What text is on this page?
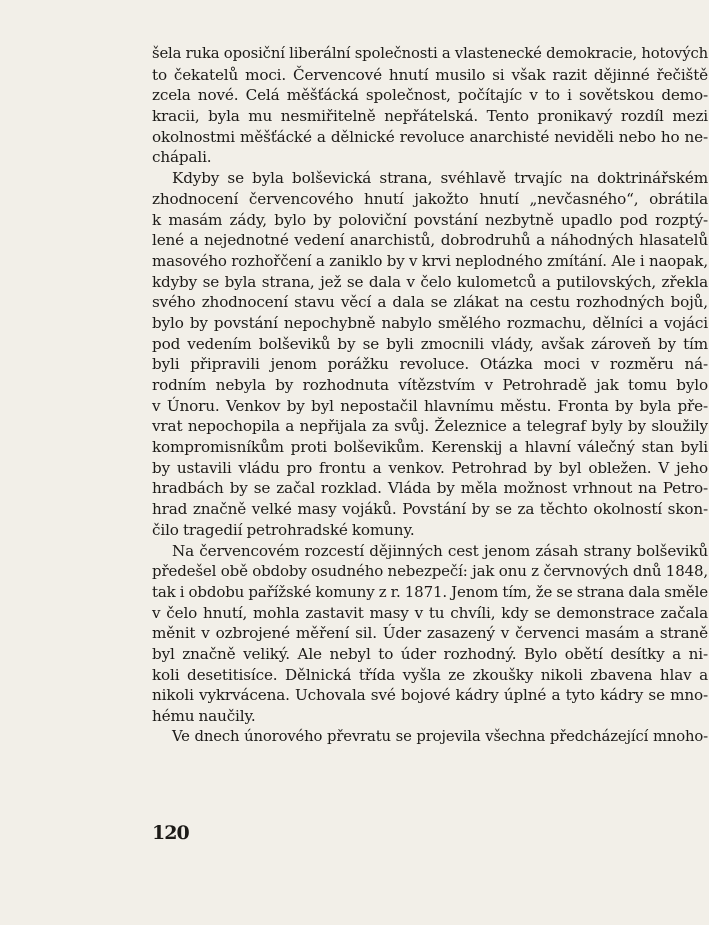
šela ruka oposiční liberální společnosti a vlastenecké demokracie, hotových
to čekatelů moci. Červencové hnutí musilo si však razit dějinné řečiště
zcela nové. Celá měšťácká společnost, počítajíc v to i sovětskou demo-
kracii, byla mu nesmiřitelně nepřátelská. Tento pronikavý rozdíl mezi
okolnostmi měšťácké a dělnické revoluce anarchisté neviděli nebo ho ne-
chápali.
Kdyby se byla bolševická strana, svéhlavě trvajíc na doktrinářském
zhodnocení červencového hnutí jakožto hnutí „nevčasného“, obrátila
k masám zády, bylo by poloviční povstání nezbytně upadlo pod rozptý-
lené a nejednotné vedení anarchistů, dobrodruhů a náhodných hlasatelů
masového rozhořčení a zaniklo by v krvi neplodného zmítání. Ale i naopak,
kdyby se byla strana, jež se dala v čelo kulometců a putilovských, zřekla
svého zhodnocení stavu věcí a dala se zlákat na cestu rozhodných bojů,
bylo by povstání nepochybně nabylo smělého rozmachu, dělníci a vojáci
pod vedením bolševiků by se byli zmocnili vlády, avšak zároveň by tím
byli připravili jenom porážku revoluce. Otázka moci v rozměru ná-
rodním nebyla by rozhodnuta vítězstvím v Petrohradě jak tomu bylo
v Únoru. Venkov by byl nepostačil hlavnímu městu. Fronta by byla pře-
vrat nepochopila a nepřijala za svůj. Železnice a telegraf byly by sloužily
kompromisníkům proti bolševikům. Kerenskij a hlavní válečný stan byli
by ustavili vládu pro frontu a venkov. Petrohrad by byl obležen. V jeho
hradbách by se začal rozklad. Vláda by měla možnost vrhnout na Petro-
hrad značně velké masy vojáků. Povstání by se za těchto okolností skon-
čilo tragedií petrohradské komuny.
Na červencovém rozcestí dějinných cest jenom zásah strany bolševiků
předešel obě obdoby osudného nebezpečí: jak onu z červnových dnů 1848,
tak i obdobu pařížské komuny z r. 1871. Jenom tím, že se strana dala směle
v čelo hnutí, mohla zastavit masy v tu chvíli, kdy se demonstrace začala
měnit v ozbrojené měření sil. Úder zasazený v červenci masám a straně
byl značně veliký. Ale nebyl to úder rozhodný. Bylo obětí desítky a ni-
koli desetitisíce. Dělnická třída vyšla ze zkoušky nikoli zbavena hlav a
nikoli vykrvácena. Uchovala své bojové kádry úplné a tyto kádry se mno-
hému naučily.
Ve dnech únorového převratu se projevila všechna předcházející mnoho-
120
